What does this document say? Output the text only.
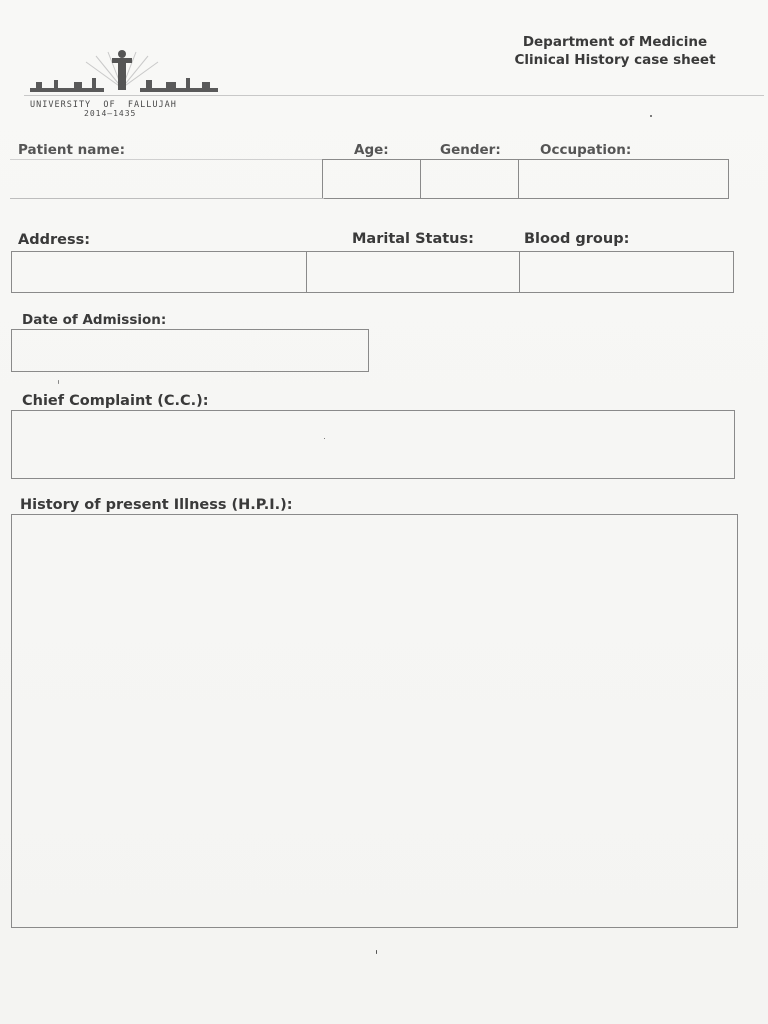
UNIVERSITY  OF  FALLUJAH
2014—1435
Department of Medicine
Clinical History case sheet
Patient name:	Age:	Gender:	Occupation:
Address:	Marital Status:	Blood group:
Date of Admission:
Chief Complaint (C.C.):
History of present Illness (H.P.I.):
